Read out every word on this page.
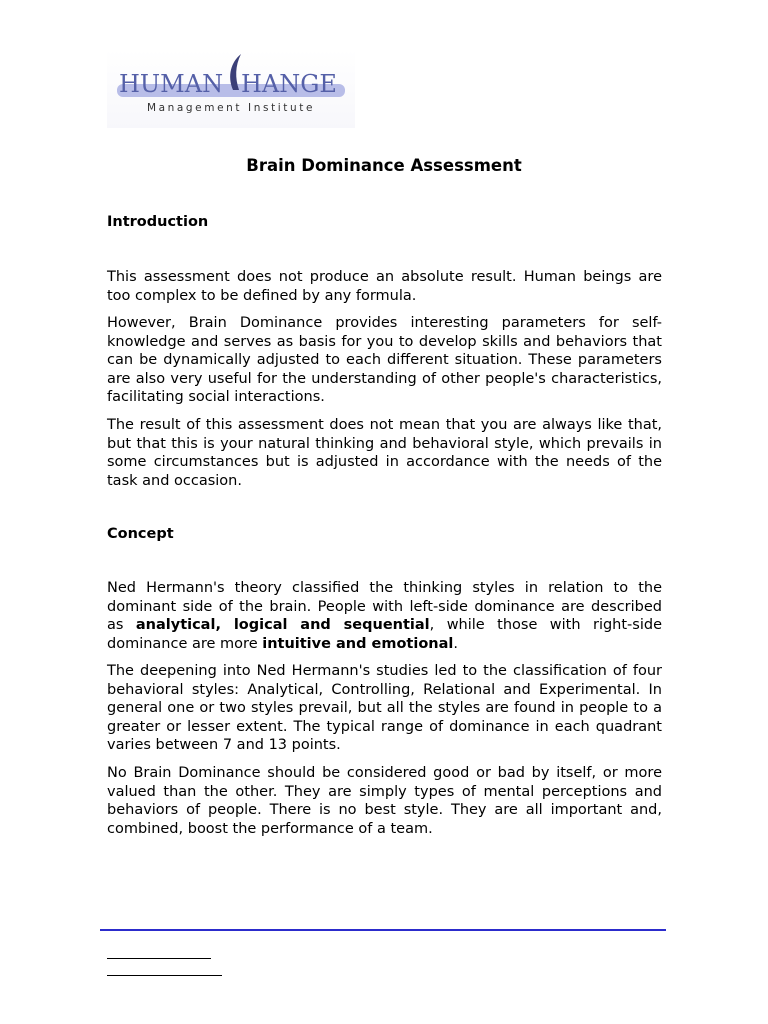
HUMAN HANGE
Management Institute
Brain Dominance Assessment
Introduction

This assessment does not produce an absolute result. Human beings are too complex to be defined by any formula.

However, Brain Dominance provides interesting parameters for self-knowledge and serves as basis for you to develop skills and behaviors that can be dynamically adjusted to each different situation. These parameters are also very useful for the understanding of other people's characteristics, facilitating social interactions.

The result of this assessment does not mean that you are always like that, but that this is your natural thinking and behavioral style, which prevails in some circumstances but is adjusted in accordance with the needs of the task and occasion.

Concept

Ned Hermann's theory classified the thinking styles in relation to the dominant side of the brain. People with left-side dominance are described as analytical, logical and sequential, while those with right-side dominance are more intuitive and emotional.

The deepening into Ned Hermann's studies led to the classification of four behavioral styles: Analytical, Controlling, Relational and Experimental. In general one or two styles prevail, but all the styles are found in people to a greater or lesser extent. The typical range of dominance in each quadrant varies between 7 and 13 points.

No Brain Dominance should be considered good or bad by itself, or more valued than the other. They are simply types of mental perceptions and behaviors of people. There is no best style. They are all important and, combined, boost the performance of a team.
